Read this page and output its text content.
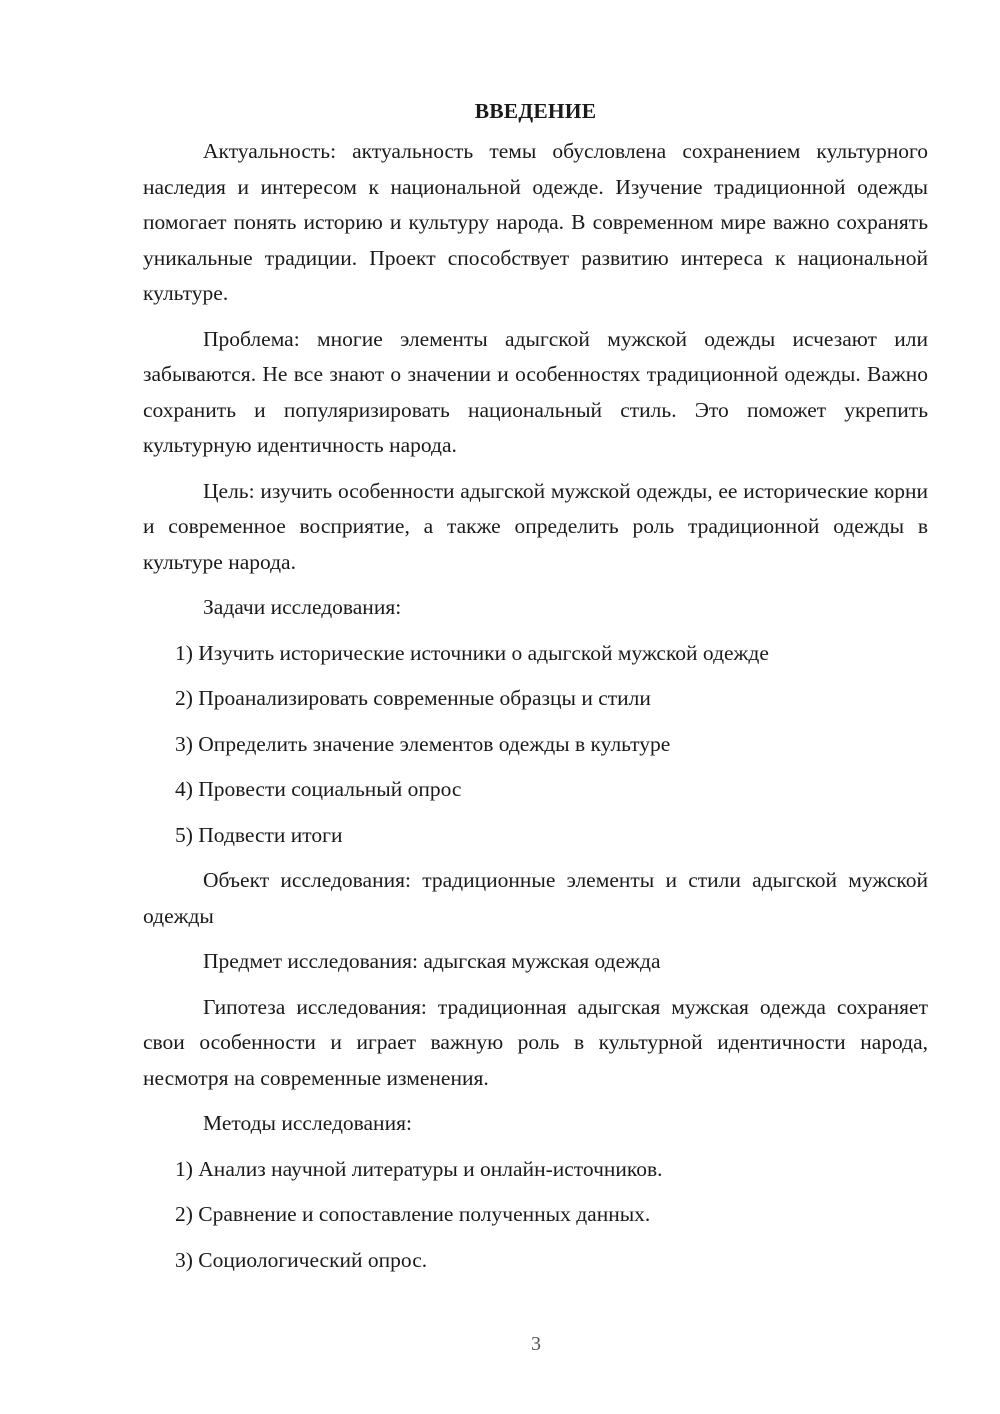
ВВЕДЕНИЕ

Актуальность: актуальность темы обусловлена сохранением культурного наследия и интересом к национальной одежде. Изучение традиционной одежды помогает понять историю и культуру народа. В современном мире важно сохранять уникальные традиции. Проект способствует развитию интереса к национальной культуре.

Проблема: многие элементы адыгской мужской одежды исчезают или забываются. Не все знают о значении и особенностях традиционной одежды. Важно сохранить и популяризировать национальный стиль. Это поможет укрепить культурную идентичность народа.

Цель: изучить особенности адыгской мужской одежды, ее исторические корни и современное восприятие, а также определить роль традиционной одежды в культуре народа.

Задачи исследования:

1) Изучить исторические источники о адыгской мужской одежде

2) Проанализировать современные образцы и стили

3) Определить значение элементов одежды в культуре

4) Провести социальный опрос

5) Подвести итоги

Объект исследования: традиционные элементы и стили адыгской мужской одежды

Предмет исследования: адыгская мужская одежда

Гипотеза исследования: традиционная адыгская мужская одежда сохраняет свои особенности и играет важную роль в культурной идентичности народа, несмотря на современные изменения.

Методы исследования:

1) Анализ научной литературы и онлайн-источников.

2) Сравнение и сопоставление полученных данных.

3) Социологический опрос.

3
